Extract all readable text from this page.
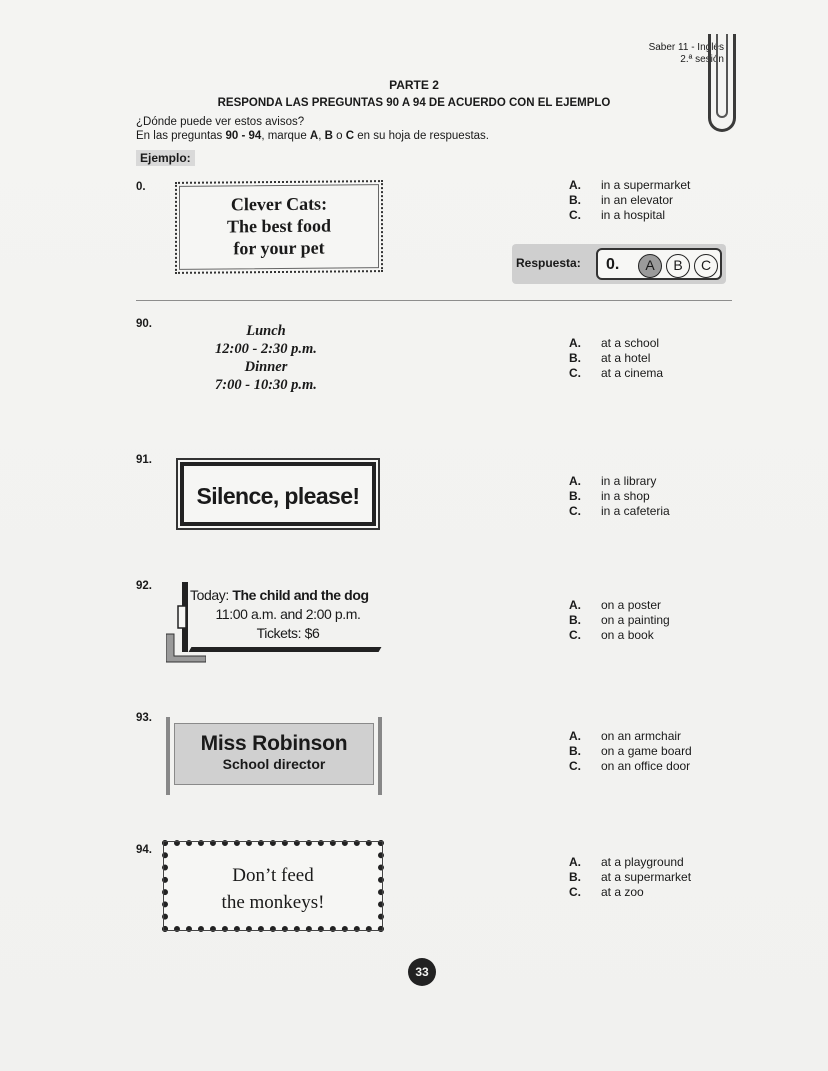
Saber 11 - Inglés
2.ª sesión
PARTE 2
RESPONDA LAS PREGUNTAS 90 A 94 DE ACUERDO CON EL EJEMPLO
¿Dónde puede ver estos avisos?
En las preguntas 90 - 94, marque A, B o C en su hoja de respuestas.
Ejemplo:
0.
Clever Cats:
The best food
for your pet
A.	in a supermarket
B.	in an elevator
C.	in a hospital
Respuesta: 0.	A	B	C
90.	Lunch
12:00 - 2:30 p.m.
Dinner
7:00 - 10:30 p.m.
A.	at a school
B.	at a hotel
C.	at a cinema
91.
Silence, please!
A.	in a library
B.	in a shop
C.	in a cafeteria
92.
Today: The child and the dog
11:00 a.m. and 2:00 p.m.
Tickets: $6
A.	on a poster
B.	on a painting
C.	on a book
93.
Miss Robinson
School director
A.	on an armchair
B.	on a game board
C.	on an office door
94.
Don’t feed
the monkeys!
A.	at a playground
B.	at a supermarket
C.	at a zoo
33
